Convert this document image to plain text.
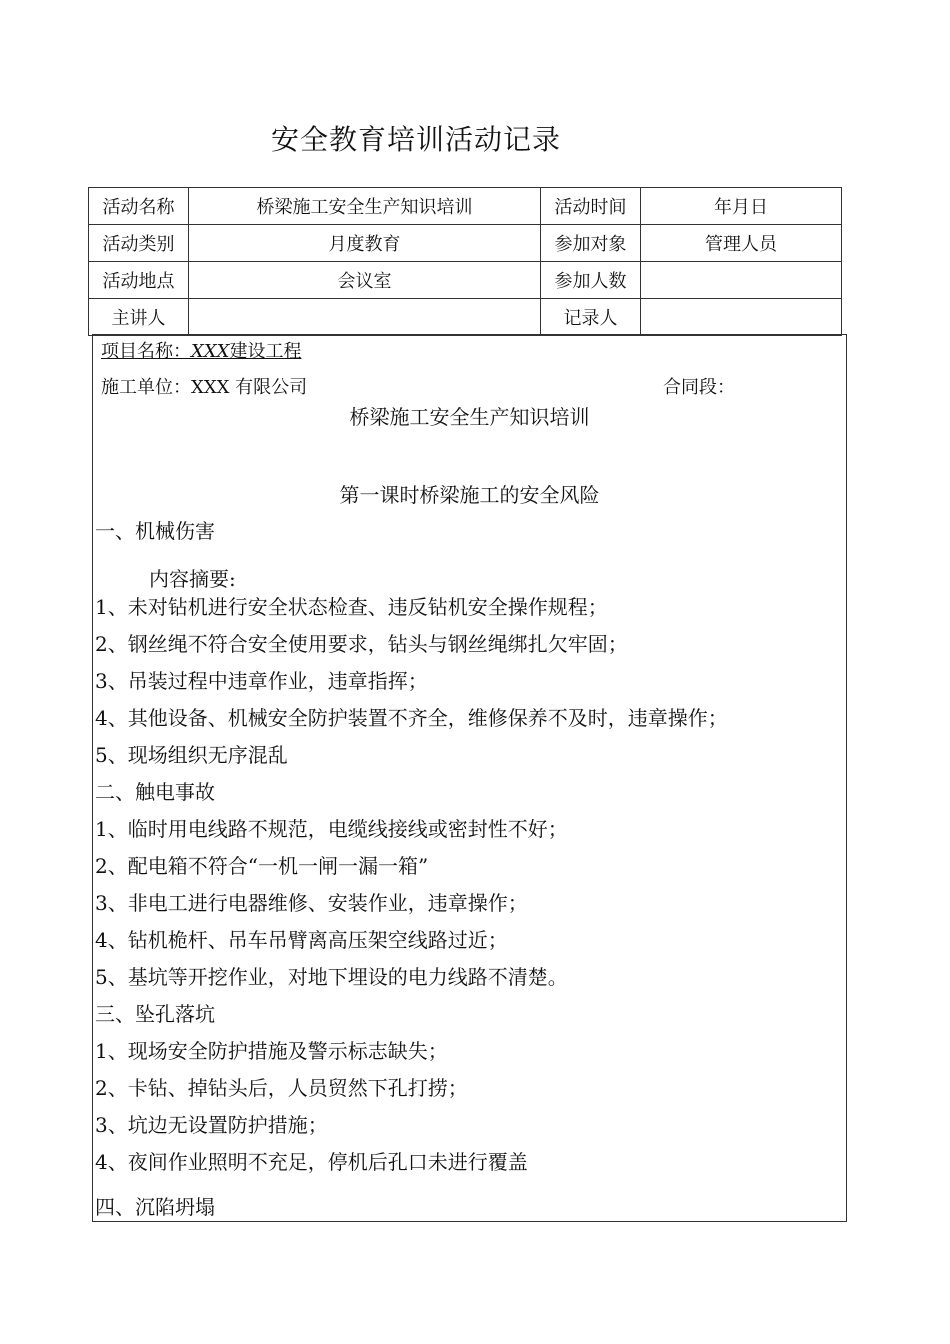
安全教育培训活动记录
活动名称	桥梁施工安全生产知识培训	活动时间	年月日
活动类别	月度教育	参加对象	管理人员
活动地点	会议室	参加人数	
主讲人		记录人	
项目名称：XXX建设工程
施工单位：XXX 有限公司	合同段：
桥梁施工安全生产知识培训
第一课时桥梁施工的安全风险
一、机械伤害
内容摘要:
1、未对钻机进行安全状态检查、违反钻机安全操作规程；
2、钢丝绳不符合安全使用要求，钻头与钢丝绳绑扎欠牢固；
3、吊装过程中违章作业，违章指挥；
4、其他设备、机械安全防护装置不齐全，维修保养不及时，违章操作；
5、现场组织无序混乱
二、触电事故
1、临时用电线路不规范，电缆线接线或密封性不好；
2、配电箱不符合“一机一闸一漏一箱”
3、非电工进行电器维修、安装作业，违章操作；
4、钻机桅杆、吊车吊臂离高压架空线路过近；
5、基坑等开挖作业，对地下埋设的电力线路不清楚。
三、坠孔落坑
1、现场安全防护措施及警示标志缺失；
2、卡钻、掉钻头后，人员贸然下孔打捞；
3、坑边无设置防护措施；
4、夜间作业照明不充足，停机后孔口未进行覆盖
四、沉陷坍塌
